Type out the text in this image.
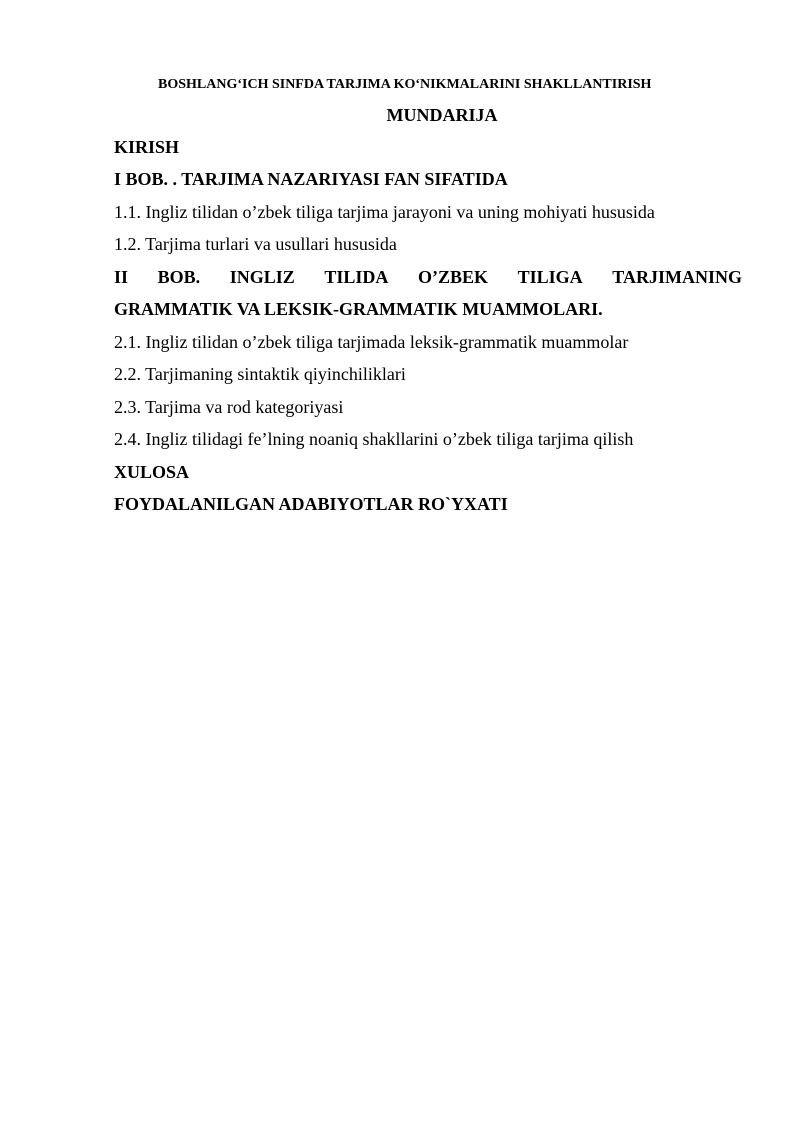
BOSHLANG‘ICH SINFDA TARJIMA KO‘NIKMALARINI SHAKLLANTIRISH
MUNDARIJA
KIRISH
I BOB. . TARJIMA NAZARIYASI FAN SIFATIDA
1.1. Ingliz tilidan o’zbek tiliga tarjima jarayoni va uning mohiyati hususida
1.2. Tarjima turlari va usullari hususida
II BOB. INGLIZ TILIDA O’ZBEK TILIGA TARJIMANING
GRAMMATIK VA LEKSIK-GRAMMATIK MUAMMOLARI.
2.1. Ingliz tilidan o’zbek tiliga tarjimada leksik-grammatik muammolar
2.2. Tarjimaning sintaktik qiyinchiliklari
2.3. Tarjima va rod kategoriyasi
2.4. Ingliz tilidagi fe’lning noaniq shakllarini o’zbek tiliga tarjima qilish
XULOSA
FOYDALANILGAN ADABIYOTLAR RO`YXATI
